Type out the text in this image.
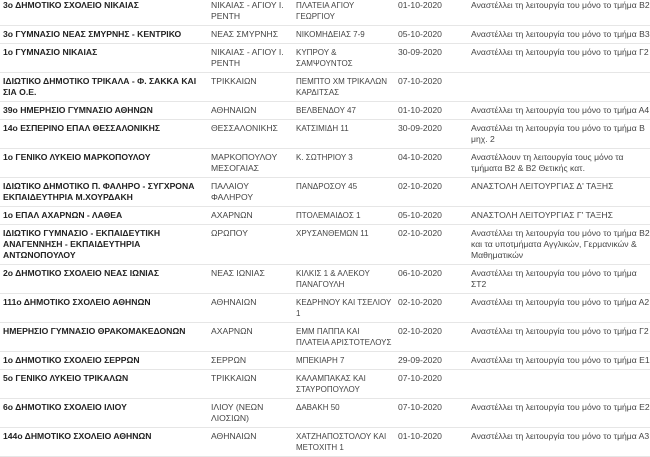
3ο ΔΗΜΟΤΙΚΟ ΣΧΟΛΕΙΟ ΝΙΚΑΙΑΣ	ΝΙΚΑΙΑΣ - ΑΓΙΟΥ Ι. ΡΕΝΤΗ	ΠΛΑΤΕΙΑ ΑΓΙΟΥ ΓΕΩΡΓΙΟΥ	01-10-2020	Αναστέλλει τη λειτουργία του μόνο το τμήμα Β2
3ο ΓΥΜΝΑΣΙΟ ΝΕΑΣ ΣΜΥΡΝΗΣ - ΚΕΝΤΡΙΚΟ	ΝΕΑΣ ΣΜΥΡΝΗΣ	ΝΙΚΟΜΗΔΕΙΑΣ 7-9	05-10-2020	Αναστέλλει τη λειτουργία του μόνο το τμήμα Β3
1ο ΓΥΜΝΑΣΙΟ ΝΙΚΑΙΑΣ	ΝΙΚΑΙΑΣ - ΑΓΙΟΥ Ι. ΡΕΝΤΗ	ΚΥΠΡΟΥ & ΣΑΜΨΟΥΝΤΟΣ	30-09-2020	Αναστέλλει τη λειτουργία του μόνο το τμήμα Γ2
ΙΔΙΩΤΙΚΟ ΔΗΜΟΤΙΚΟ ΤΡΙΚΑΛΑ - Φ. ΣΑΚΚΑ ΚΑΙ ΣΙΑ Ο.Ε.	ΤΡΙΚΚΑΙΩΝ	ΠΕΜΠΤΟ ΧΜ ΤΡΙΚΑΛΩΝ ΚΑΡΔΙΤΣΑΣ	07-10-2020	
39ο ΗΜΕΡΗΣΙΟ ΓΥΜΝΑΣΙΟ ΑΘΗΝΩΝ	ΑΘΗΝΑΙΩΝ	ΒΕΛΒΕΝΔΟΥ 47	01-10-2020	Αναστέλλει τη λειτουργία του μόνο το τμήμα Α4
14ο ΕΣΠΕΡΙΝΟ ΕΠΑΛ ΘΕΣΣΑΛΟΝΙΚΗΣ	ΘΕΣΣΑΛΟΝΙΚΗΣ	ΚΑΤΣΙΜΙΔΗ 11	30-09-2020	Αναστέλλει τη λειτουργία του μόνο το τμήμα Β μηχ. 2
1ο ΓΕΝΙΚΟ ΛΥΚΕΙΟ ΜΑΡΚΟΠΟΥΛΟΥ	ΜΑΡΚΟΠΟΥΛΟΥ ΜΕΣΟΓΑΙΑΣ	Κ. ΣΩΤΗΡΙΟΥ 3	04-10-2020	Αναστέλλουν τη λειτουργία τους μόνο τα τμήματα Β2 & Β2 Θετικής κατ.
ΙΔΙΩΤΙΚΟ ΔΗΜΟΤΙΚΟ Π. ΦΑΛΗΡΟ - ΣΥΓΧΡΟΝΑ ΕΚΠΑΙΔΕΥΤΗΡΙΑ Μ.ΧΟΥΡΔΑΚΗ	ΠΑΛΑΙΟΥ ΦΑΛΗΡΟΥ	ΠΑΝΔΡΟΣΟΥ 45	02-10-2020	ΑΝΑΣΤΟΛΗ ΛΕΙΤΟΥΡΓΙΑΣ Δ' ΤΑΞΗΣ
1ο ΕΠΑΛ ΑΧΑΡΝΩΝ - ΛΑΘΕΑ	ΑΧΑΡΝΩΝ	ΠΤΟΛΕΜΑΙΔΟΣ 1	05-10-2020	ΑΝΑΣΤΟΛΗ ΛΕΙΤΟΥΡΓΙΑΣ Γ' ΤΑΞΗΣ
ΙΔΙΩΤΙΚΟ ΓΥΜΝΑΣΙΟ - ΕΚΠΑΙΔΕΥΤΙΚΗ ΑΝΑΓΕΝΝΗΣΗ - ΕΚΠΑΙΔΕΥΤΗΡΙΑ ΑΝΤΩΝΟΠΟΥΛΟΥ	ΩΡΩΠΟΥ	ΧΡΥΣΑΝΘΕΜΩΝ 11	02-10-2020	Αναστέλλει τη λειτουργία του μόνο το τμήμα Β2 και τα υποτμήματα Αγγλικών, Γερμανικών & Μαθηματικών
2ο ΔΗΜΟΤΙΚΟ ΣΧΟΛΕΙΟ ΝΕΑΣ ΙΩΝΙΑΣ	ΝΕΑΣ ΙΩΝΙΑΣ	ΚΙΛΚΙΣ 1 & ΑΛΕΚΟΥ ΠΑΝΑΓΟΥΛΗ	06-10-2020	Αναστέλλει τη λειτουργία του μόνο το τμήμα ΣΤ2
111ο ΔΗΜΟΤΙΚΟ ΣΧΟΛΕΙΟ ΑΘΗΝΩΝ	ΑΘΗΝΑΙΩΝ	ΚΕΔΡΗΝΟΥ ΚΑΙ ΤΣΕΛΙΟΥ 1	02-10-2020	Αναστέλλει τη λειτουργία του μόνο το τμήμα Α2
ΗΜΕΡΗΣΙΟ ΓΥΜΝΑΣΙΟ ΘΡΑΚΟΜΑΚΕΔΟΝΩΝ	ΑΧΑΡΝΩΝ	ΕΜΜ ΠΑΠΠΑ ΚΑΙ ΠΛΑΤΕΙΑ ΑΡΙΣΤΟΤΕΛΟΥΣ	02-10-2020	Αναστέλλει τη λειτουργία του μόνο το τμήμα Γ2
1ο ΔΗΜΟΤΙΚΟ ΣΧΟΛΕΙΟ ΣΕΡΡΩΝ	ΣΕΡΡΩΝ	ΜΠΕΚΙΑΡΗ 7	29-09-2020	Αναστέλλει τη λειτουργία του μόνο το τμήμα Ε1
5ο ΓΕΝΙΚΟ ΛΥΚΕΙΟ ΤΡΙΚΑΛΩΝ	ΤΡΙΚΚΑΙΩΝ	ΚΑΛΑΜΠΑΚΑΣ ΚΑΙ ΣΤΑΥΡΟΠΟΥΛΟΥ	07-10-2020	
6ο ΔΗΜΟΤΙΚΟ ΣΧΟΛΕΙΟ ΙΛΙΟΥ	ΙΛΙΟΥ (ΝΕΩΝ ΛΙΟΣΙΩΝ)	ΔΑΒΑΚΗ 50	07-10-2020	Αναστέλλει τη λειτουργία του μόνο το τμήμα Ε2
144ο ΔΗΜΟΤΙΚΟ ΣΧΟΛΕΙΟ ΑΘΗΝΩΝ	ΑΘΗΝΑΙΩΝ	ΧΑΤΖΗΑΠΟΣΤΟΛΟΥ ΚΑΙ ΜΕΤΟΧΙΤΗ 1	01-10-2020	Αναστέλλει τη λειτουργία του μόνο το τμήμα Α3
